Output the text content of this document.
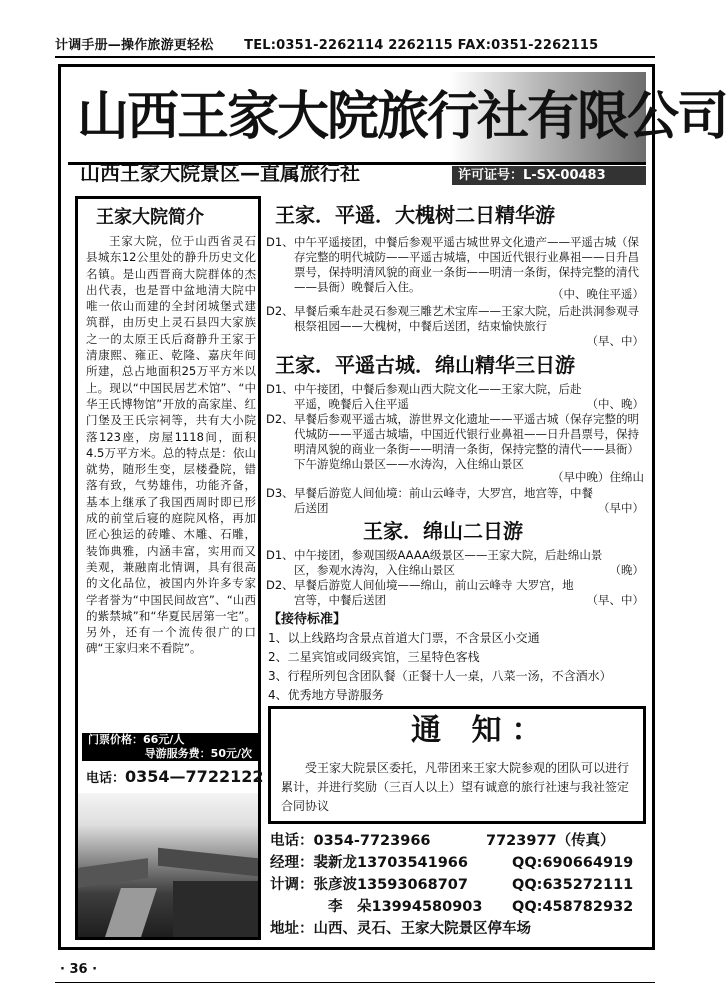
计调手册—操作旅游更轻松 TEL:0351-2262114 2262115 FAX:0351-2262115
山西王家大院旅行社有限公司
山西王家大院景区—直属旅行社	许可证号：L-SX-00483
王家大院简介
王家大院，位于山西省灵石县城东12公里处的静升历史文化名镇。是山西晋商大院群体的杰出代表，也是晋中盆地清大院中唯一依山而建的全封闭城堡式建筑群，由历史上灵石县四大家族之一的太原王氏后裔静升王家于清康熙、雍正、乾隆、嘉庆年间所建，总占地面积25万平方米以上。现以“中国民居艺术馆”、“中华王氏博物馆”开放的高家崖、红门堡及王氏宗祠等，共有大小院落123座，房屋1118间，面积4.5万平方米。总的特点是：依山就势，随形生变，层楼叠院，错落有致，气势雄伟，功能齐备，基本上继承了我国西周时即已形成的前堂后寝的庭院风格，再加匠心独运的砖雕、木雕、石雕，装饰典雅，内涵丰富，实用而又美观，兼融南北情调，具有很高的文化品位，被国内外许多专家学者誉为“中国民间故宫”、“山西的紫禁城”和“华夏民居第一宅”。另外，还有一个流传很广的口碑“王家归来不看院”。
门票价格：66元/人
导游服务费：50元/次
电话：0354—7722122
王家．平遥．大槐树二日精华游
D1、 中午平遥接团，中餐后参观平遥古城世界文化遗产——平遥古城（保存完整的明代城防——平遥古城墙，中国近代银行业鼻祖——日升昌票号，保持明清风貌的商业一条街——明清一条街，保持完整的清代——县衙）晚餐后入住。	（中、晚住平遥）
D2、 早餐后乘车赴灵石参观三雕艺术宝库——王家大院，后赴洪洞参观寻根祭祖园——大槐树，中餐后送团，结束愉快旅行
（早、中）
王家．平遥古城．绵山精华三日游
D1、 中午接团，中餐后参观山西大院文化——王家大院，后赴平遥，晚餐后入住平遥	（中、晚）
D2、 早餐后参观平遥古城，游世界文化遗址——平遥古城（保存完整的明代城防——平遥古城墙，中国近代银行业鼻祖——日升昌票号，保持明清风貌的商业一条街——明清一条街，保持完整的清代——县衙）下午游览绵山景区——水涛沟，入住绵山景区
（早中晚）住绵山
D3、 早餐后游览人间仙境：前山云峰寺，大罗宫，地宫等，中餐后送团	（早中）
王家．绵山二日游
D1、 中午接团，参观国级AAAA级景区——王家大院，后赴绵山景区，参观水涛沟，入住绵山景区	（晚）
D2、 早餐后游览人间仙境——绵山，前山云峰寺 大罗宫，地宫等，中餐后送团	（早、中）
【接待标准】
1、以上线路均含景点首道大门票，不含景区小交通
2、二星宾馆或同级宾馆，三星特色客栈
3、行程所列包含团队餐（正餐十人一桌，八菜一汤，不含酒水）
4、优秀地方导游服务
通 知：
受王家大院景区委托，凡带团来王家大院参观的团队可以进行累计，并进行奖励（三百人以上）望有诚意的旅行社速与我社签定合同协议
电话：0354-7723966	7723977（传真）
经理：裴新龙13703541966	QQ:690664919
计调：张彦波13593068707	QQ:635272111
李　朵13994580903 QQ:458782932
地址：山西、灵石、王家大院景区停车场
· 36 ·
